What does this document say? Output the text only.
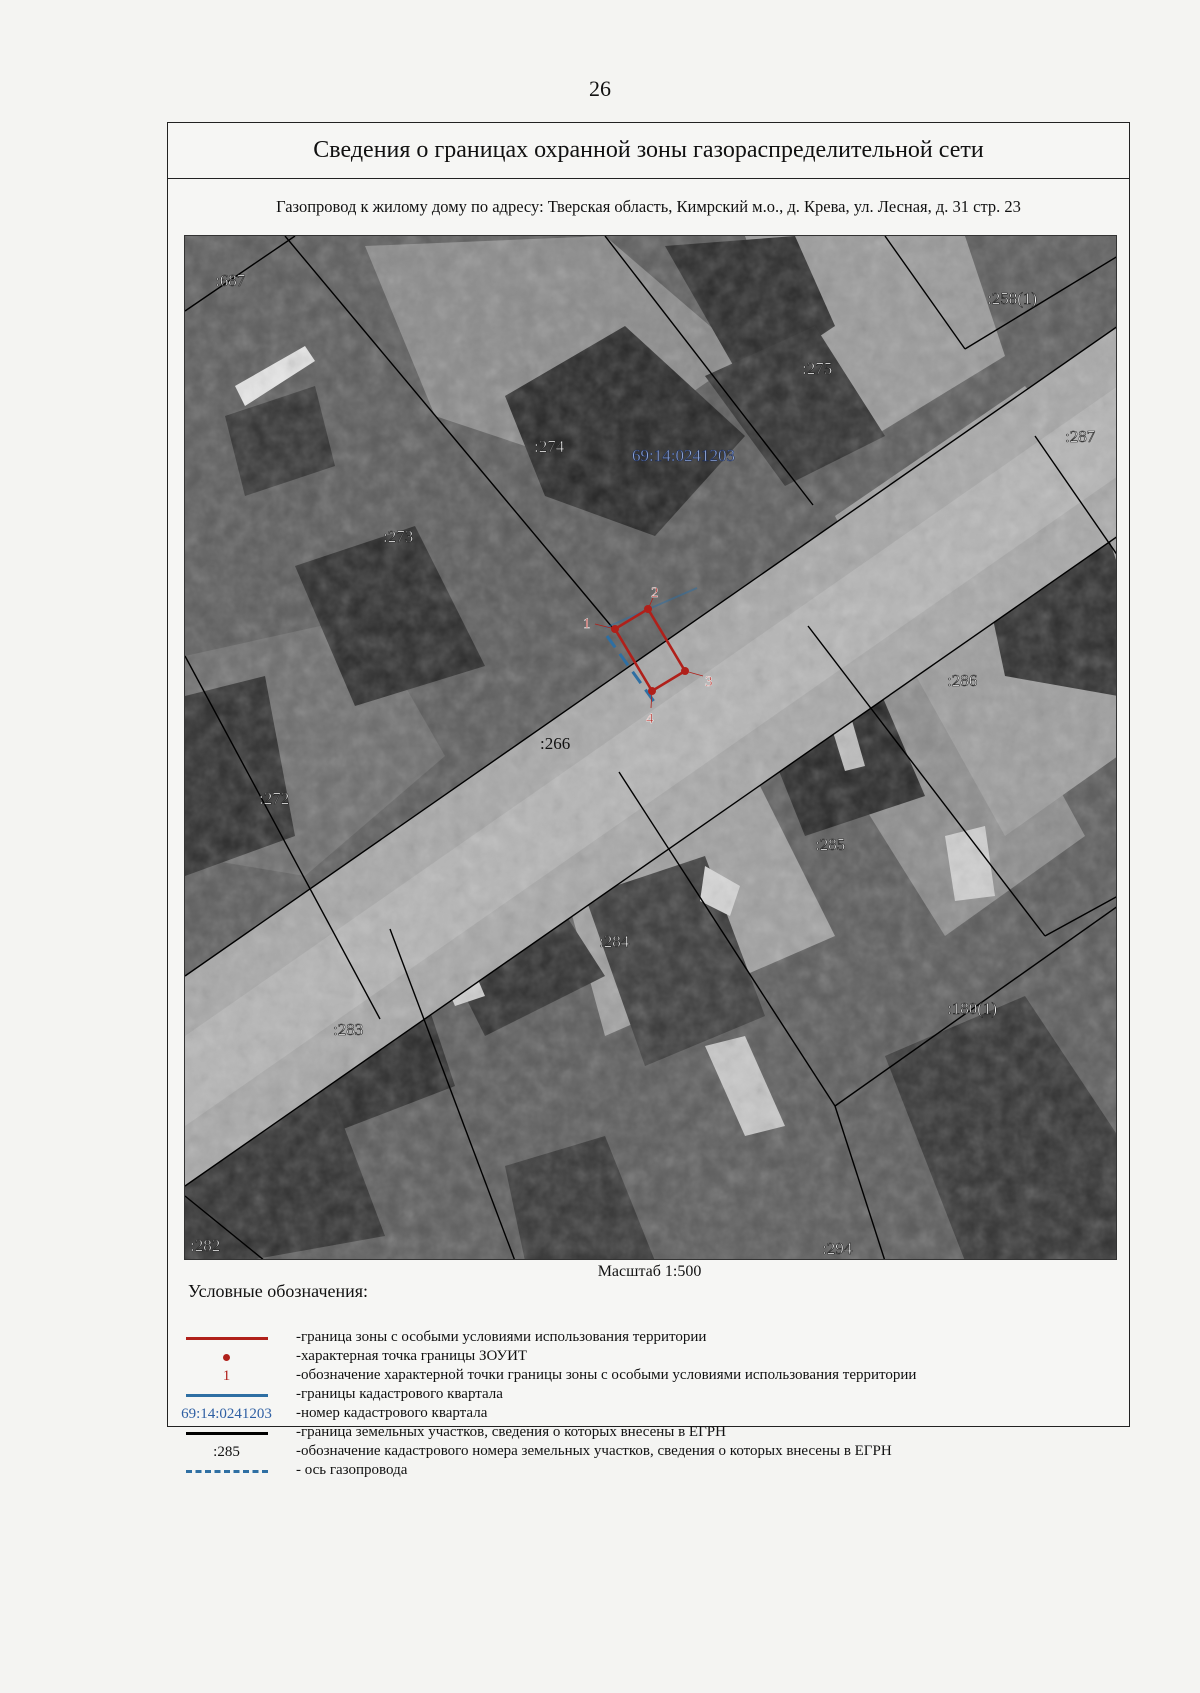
26
Сведения о границах охранной зоны газораспределительной сети
Газопровод к жилому дому по адресу: Тверская область, Кимрский м.о., д. Крева, ул. Лесная, д. 31 стр. 23
1
2
3
4
:687
:258(1)
:275
:274
:287
:273
:286
:272
:285
:284
:180(1)
:283
:282	:294
:266
69:14:0241203
Масштаб 1:500
Условные обозначения:
-граница зоны с особыми условиями использования территории
-характерная точка границы ЗОУИТ
1	-обозначение характерной точки границы зоны с особыми условиями использования территории
-границы кадастрового квартала
69:14:0241203	-номер кадастрового квартала
-граница земельных участков, сведения о которых внесены в ЕГРН
:285	-обозначение кадастрового номера земельных участков, сведения о которых внесены в ЕГРН
- ось газопровода
